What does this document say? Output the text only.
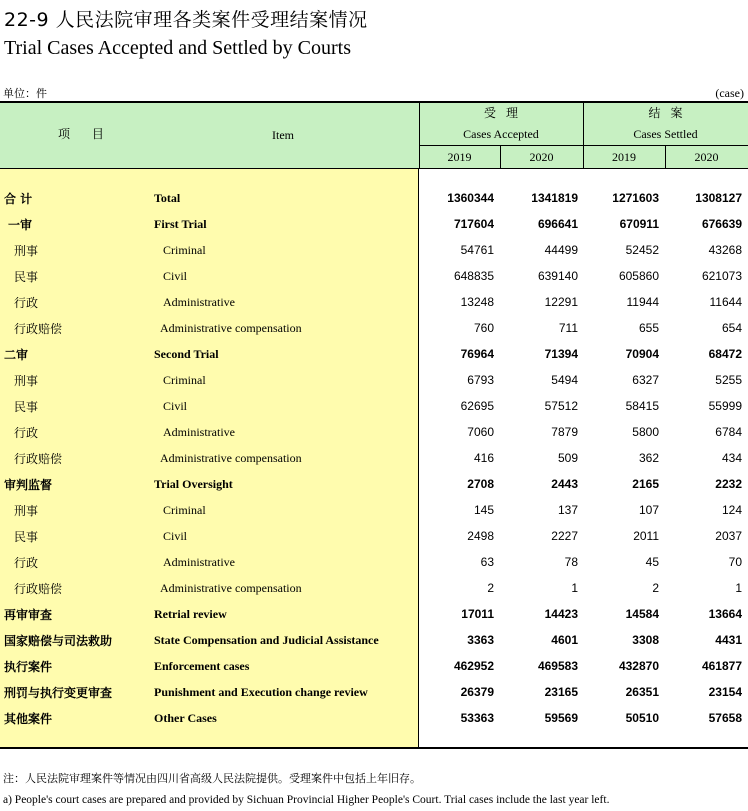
22-9 人民法院审理各类案件受理结案情况
Trial Cases Accepted and Settled by Courts
单位：件	(case)
项 目	Item
受理
Cases Accepted
结案
Cases Settled
2019	2020	2019	2020
合 计	Total	1360344	1341819	1271603	1308127
一审	First Trial	717604	696641	670911	676639
刑事	Criminal	54761	44499	52452	43268
民事	Civil	648835	639140	605860	621073
行政	Administrative	13248	12291	11944	11644
行政赔偿	Administrative compensation	760	711	655	654
二审	Second Trial	76964	71394	70904	68472
刑事	Criminal	6793	5494	6327	5255
民事	Civil	62695	57512	58415	55999
行政	Administrative	7060	7879	5800	6784
行政赔偿	Administrative compensation	416	509	362	434
审判监督	Trial Oversight	2708	2443	2165	2232
刑事	Criminal	145	137	107	124
民事	Civil	2498	2227	2011	2037
行政	Administrative	63	78	45	70
行政赔偿	Administrative compensation	2	1	2	1
再审审查	Retrial review	17011	14423	14584	13664
国家赔偿与司法救助	State Compensation and Judicial Assistance	3363	4601	3308	4431
执行案件	Enforcement cases	462952	469583	432870	461877
刑罚与执行变更审查	Punishment and Execution change review	26379	23165	26351	23154
其他案件	Other Cases	53363	59569	50510	57658
注：人民法院审理案件等情况由四川省高级人民法院提供。受理案件中包括上年旧存。
a) People's court cases are prepared and provided by Sichuan Provincial Higher People's Court. Trial cases include the last year left.
